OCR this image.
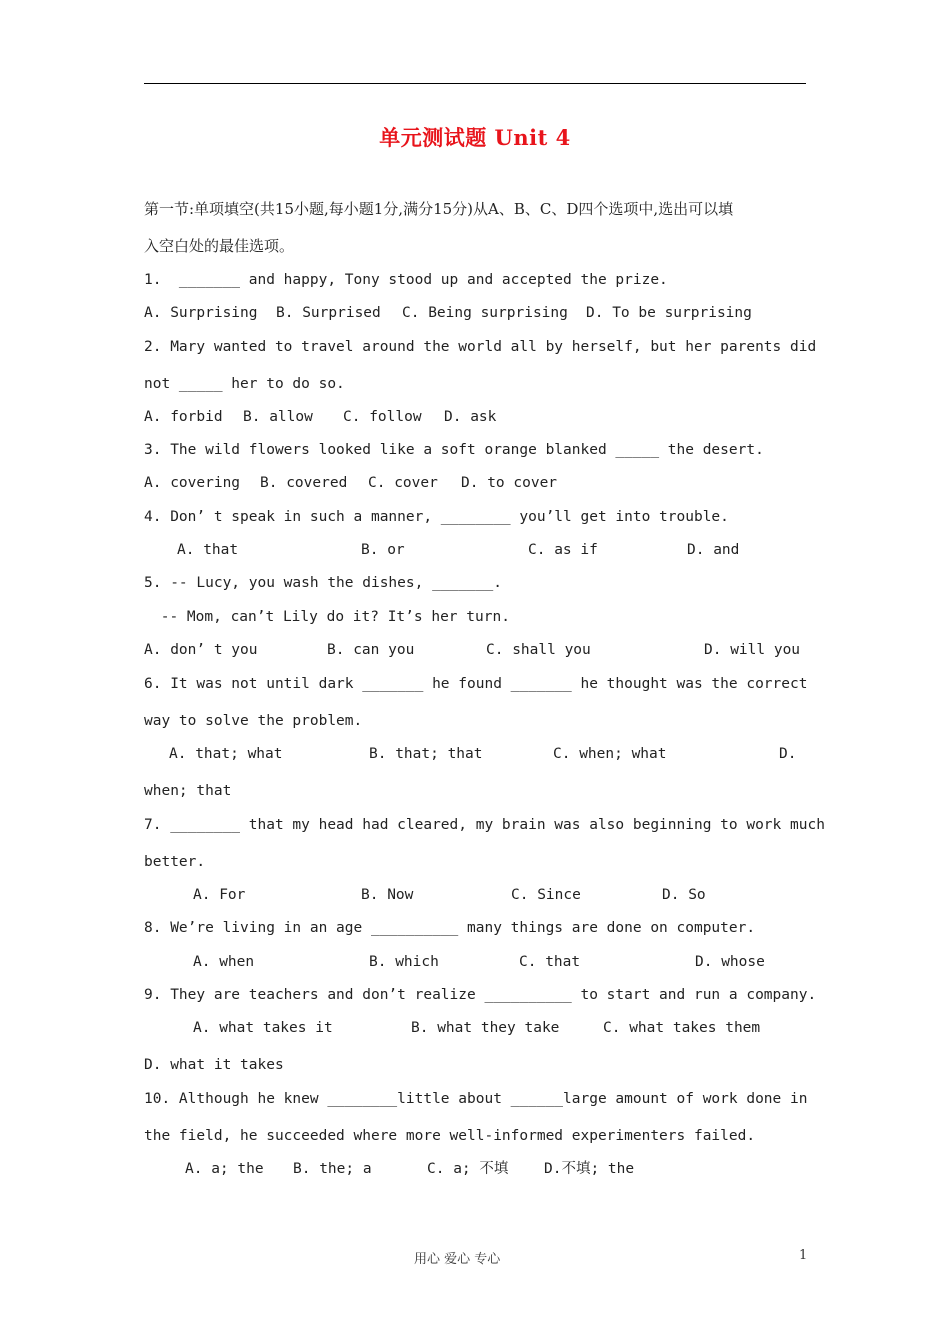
单元测试题 Unit 4
第一节:单项填空(共15小题,每小题1分,满分15分)从A、B、C、D四个选项中,选出可以填
入空白处的最佳选项。
1.  _______ and happy, Tony stood up and accepted the prize.
A. Surprising B. Surprised C. Being surprising D. To be surprising
2. Mary wanted to travel around the world all by herself, but her parents did
not _____ her to do so.
A. forbid B. allow C. follow D. ask
3. The wild flowers looked like a soft orange blanked _____ the desert.
A. covering B. covered C. cover D. to cover
4. Don’ t speak in such a manner, ________ you’ll get into trouble.
A. that	B. or	C. as if	D. and
5. -- Lucy, you wash the dishes, _______.
-- Mom, can’t Lily do it? It’s her turn.
A. don’ t you	B. can you	C. shall you	D. will you
6. It was not until dark _______ he found _______ he thought was the correct
way to solve the problem.
A. that; what	B. that; that	C. when; what	D.
when; that
7. ________ that my head had cleared, my brain was also beginning to work much
better.
A. For	B. Now	C. Since	D. So
8. We’re living in an age __________ many things are done on computer.
A. when	B. which	C. that	D. whose
9. They are teachers and don’t realize __________ to start and run a company.
A. what takes it	B. what they take	C. what takes them
D. what it takes
10. Although he knew ________little about ______large amount of work done in
the field, he succeeded where more well-informed experimenters failed.
A. a; the B. the; a	C. a; 不填 D.不填; the
用心 爱心 专心	1
